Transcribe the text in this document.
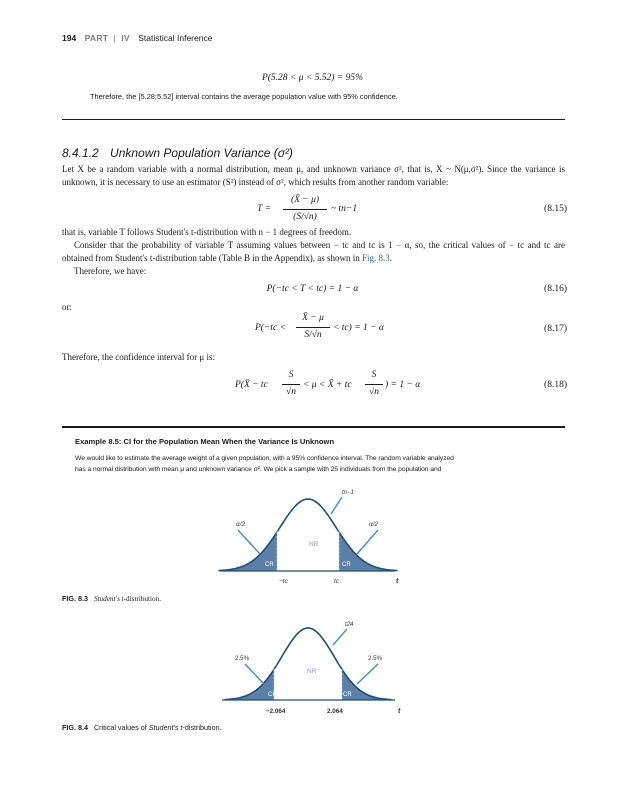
194 PART | IV Statistical Inference
P(5.28 < μ < 5.52) = 95%
Therefore, the [5.28;5.52] interval contains the average population value with 95% confidence.
8.4.1.2 Unknown Population Variance (σ²)
Let X be a random variable with a normal distribution, mean μ, and unknown variance σ², that is, X ~ N(μ,σ²). Since the variance is unknown, it is necessary to use an estimator (S²) instead of σ², which results from another random variable:
T =
(X̄ − μ)
(S/√n)
~ tn−1	(8.15)
that is, variable T follows Student's t-distribution with n − 1 degrees of freedom.
Consider that the probability of variable T assuming values between − tc and tc is 1 − α, so, the critical values of − tc and tc are obtained from Student's t-distribution table (Table B in the Appendix), as shown in Fig. 8.3.
Therefore, we have:
P(−tc < T < tc) = 1 − α	(8.16)
or:
P(−tc <
X̄ − μ
S/√n
< tc) = 1 − α	(8.17)
Therefore, the confidence interval for μ is:
P(X̄ − tc
S
√n
< μ < X̄ + tc
S
√n
) = 1 − α	(8.18)
Example 8.5: CI for the Population Mean When the Variance Is Unknown
We would like to estimate the average weight of a given population, with a 95% confidence interval. The random variable analyzed
has a normal distribution with mean μ and unknown variance σ². We pick a sample with 25 individuals from the population and
tn−1
α/2	α/2
NR
CR	CR
−tc	tc	t
FIG. 8.3 Student's t-distribution.
t24
2.5%	2.5%
NR
CR	CR
−2.064	2.064	t
FIG. 8.4 Critical values of Student's t-distribution.
